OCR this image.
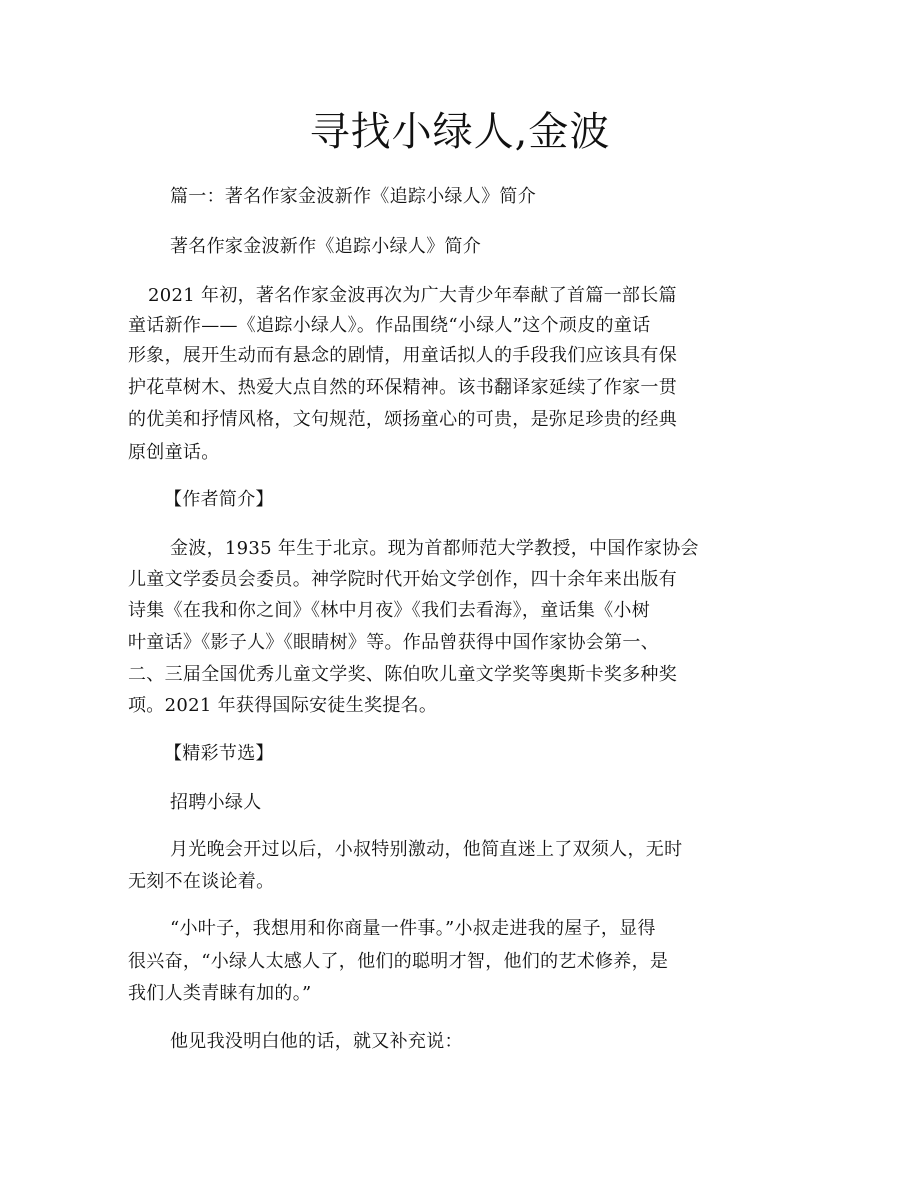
寻找小绿人,金波
篇一：著名作家金波新作《追踪小绿人》简介
著名作家金波新作《追踪小绿人》简介
2021 年初，著名作家金波再次为广大青少年奉献了首篇一部长篇
童话新作——《追踪小绿人》。作品围绕“小绿人”这个顽皮的童话
形象，展开生动而有悬念的剧情，用童话拟人的手段我们应该具有保
护花草树木、热爱大点自然的环保精神。该书翻译家延续了作家一贯
的优美和抒情风格，文句规范，颂扬童心的可贵，是弥足珍贵的经典
原创童话。
【作者简介】
金波，1935 年生于北京。现为首都师范大学教授，中国作家协会
儿童文学委员会委员。神学院时代开始文学创作，四十余年来出版有
诗集《在我和你之间》《林中月夜》《我们去看海》，童话集《小树
叶童话》《影子人》《眼睛树》等。作品曾获得中国作家协会第一、
二、三届全国优秀儿童文学奖、陈伯吹儿童文学奖等奥斯卡奖多种奖
项。2021 年获得国际安徒生奖提名。
【精彩节选】
招聘小绿人
月光晚会开过以后，小叔特别激动，他简直迷上了双须人，无时
无刻不在谈论着。
“小叶子，我想用和你商量一件事。”小叔走进我的屋子，显得
很兴奋，“小绿人太感人了，他们的聪明才智，他们的艺术修养，是
我们人类青睐有加的。”
他见我没明白他的话，就又补充说：
